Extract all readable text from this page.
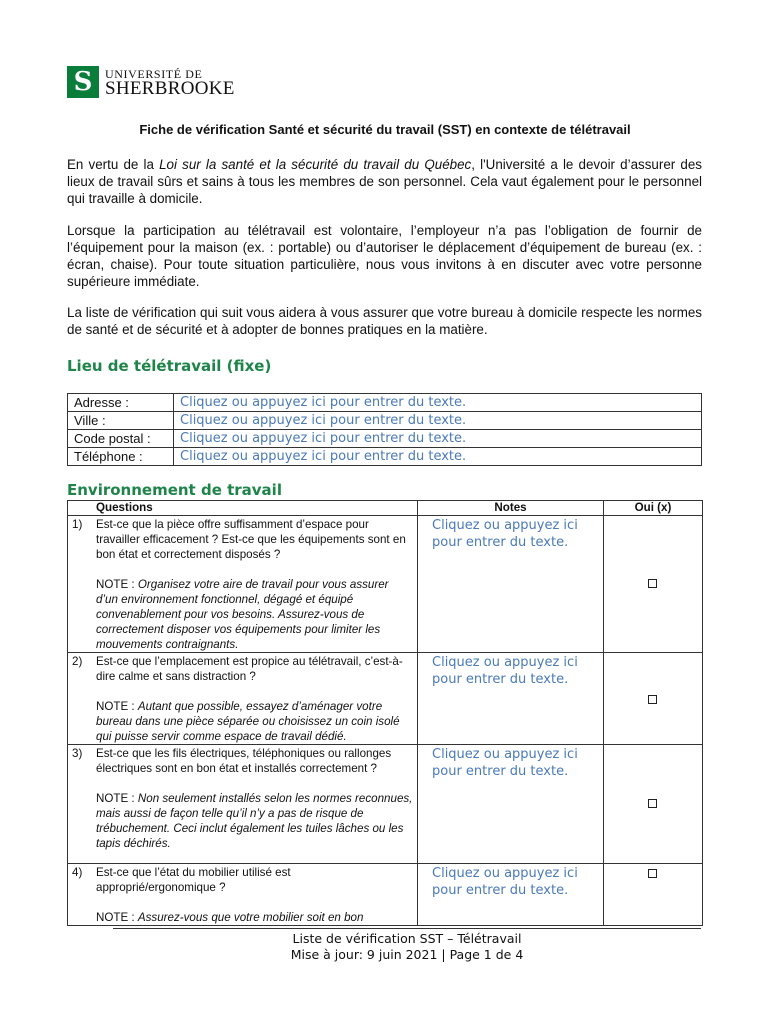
S	UNIVERSITÉ DE
SHERBROOKE
Fiche de vérification Santé et sécurité du travail (SST) en contexte de télétravail

En vertu de la Loi sur la santé et la sécurité du travail du Québec, l'Université a le devoir d’assurer des lieux de travail sûrs et sains à tous les membres de son personnel. Cela vaut également pour le personnel qui travaille à domicile.

Lorsque la participation au télétravail est volontaire, l’employeur n’a pas l’obligation de fournir de l’équipement pour la maison (ex. : portable) ou d’autoriser le déplacement d’équipement de bureau (ex. : écran, chaise). Pour toute situation particulière, nous vous invitons à en discuter avec votre personne supérieure immédiate.

La liste de vérification qui suit vous aidera à vous assurer que votre bureau à domicile respecte les normes de santé et de sécurité et à adopter de bonnes pratiques en la matière.

Lieu de télétravail (fixe)
Adresse :	Cliquez ou appuyez ici pour entrer du texte.
Ville :	Cliquez ou appuyez ici pour entrer du texte.
Code postal :	Cliquez ou appuyez ici pour entrer du texte.
Téléphone :	Cliquez ou appuyez ici pour entrer du texte.
Environnement de travail
Questions	Notes	Oui (x)

1) Est-ce que la pièce offre suffisamment d’espace pour travailler efficacement ? Est-ce que les équipements sont en bon état et correctement disposés ?
NOTE : Organisez votre aire de travail pour vous assurer d’un environnement fonctionnel, dégagé et équipé convenablement pour vos besoins. Assurez-vous de correctement disposer vos équipements pour limiter les mouvements contraignants.	Cliquez ou appuyez ici pour entrer du texte.	

2) Est-ce que l’emplacement est propice au télétravail, c’est-à-dire calme et sans distraction ?
NOTE : Autant que possible, essayez d’aménager votre bureau dans une pièce séparée ou choisissez un coin isolé qui puisse servir comme espace de travail dédié.	Cliquez ou appuyez ici pour entrer du texte.	

3) Est-ce que les fils électriques, téléphoniques ou rallonges électriques sont en bon état et installés correctement ?
NOTE : Non seulement installés selon les normes reconnues, mais aussi de façon telle qu’il n’y a pas de risque de trébuchement. Ceci inclut également les tuiles lâches ou les tapis déchirés.	Cliquez ou appuyez ici pour entrer du texte.	

4) Est-ce que l’état du mobilier utilisé est approprié/ergonomique ?
NOTE : Assurez-vous que votre mobilier soit en bon	Cliquez ou appuyez ici pour entrer du texte.	
Liste de vérification SST – Télétravail
Mise à jour: 9 juin 2021 | Page 1 de 4
